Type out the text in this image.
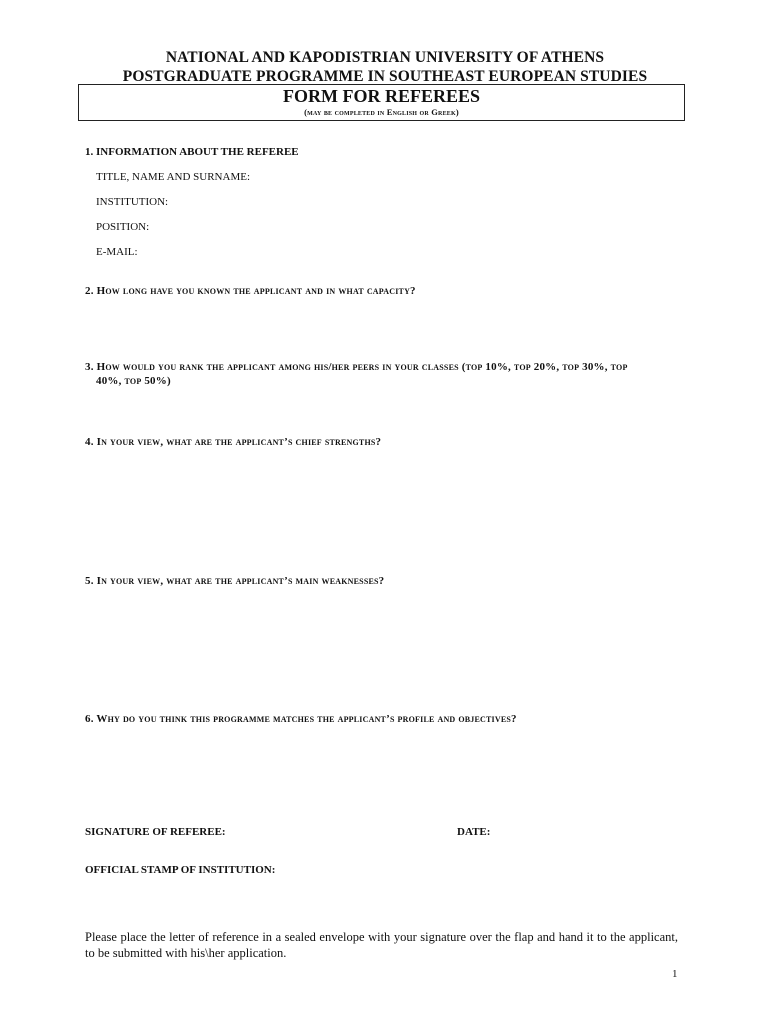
NATIONAL AND KAPODISTRIAN UNIVERSITY OF ATHENS
POSTGRADUATE PROGRAMME IN SOUTHEAST EUROPEAN STUDIES
FORM FOR REFEREES
(may be completed in English or Greek)
1. INFORMATION ABOUT THE REFEREE
TITLE, NAME AND SURNAME:
INSTITUTION:
POSITION:
E-MAIL:
2. How long have you known the applicant and in what capacity?
3. How would you rank the applicant among his/her peers in your classes (top 10%, top 20%, top 30%, top
40%, top 50%)
4. In your view, what are the applicant’s chief strengths?
5. In your view, what are the applicant’s main weaknesses?
6. Why do you think this programme matches the applicant’s profile and objectives?
SIGNATURE OF REFEREE:	DATE:
OFFICIAL STAMP OF INSTITUTION:
Please place the letter of reference in a sealed envelope with your signature over the flap and hand it to the applicant, to be submitted with his\her application.
1
